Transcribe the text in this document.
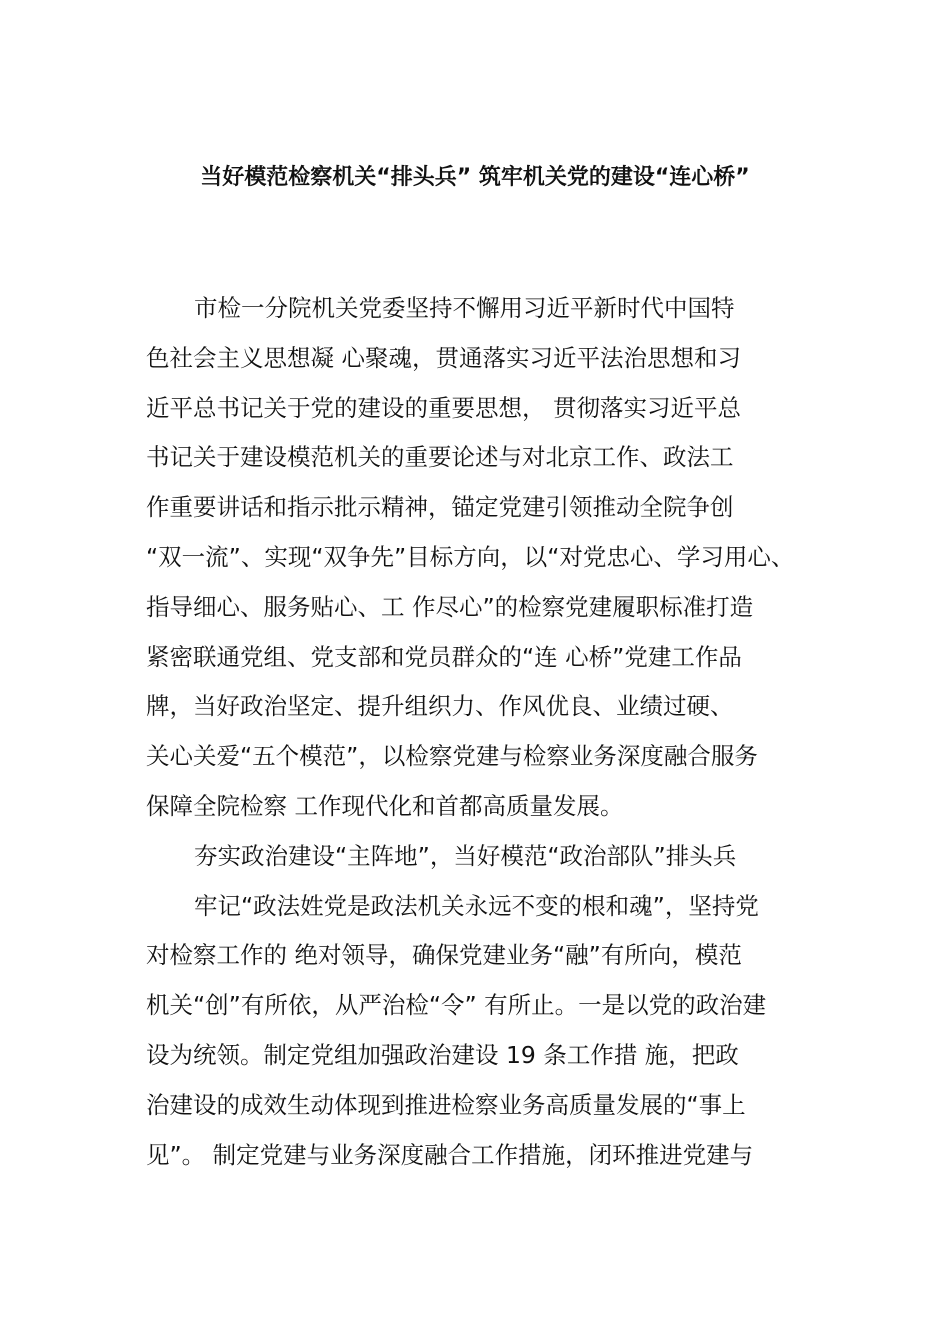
当好模范检察机关“排头兵” 筑牢机关党的建设“连心桥”
市检一分院机关党委坚持不懈用习近平新时代中国特
色社会主义思想凝 心聚魂，贯通落实习近平法治思想和习
近平总书记关于党的建设的重要思想， 贯彻落实习近平总
书记关于建设模范机关的重要论述与对北京工作、政法工
作重要讲话和指示批示精神，锚定党建引领推动全院争创
“双一流”、实现“双争先”目标方向，以“对党忠心、学习用心、
指导细心、服务贴心、工 作尽心”的检察党建履职标准打造
紧密联通党组、党支部和党员群众的“连 心桥”党建工作品
牌，当好政治坚定、提升组织力、作风优良、业绩过硬、
关心关爱“五个模范”，以检察党建与检察业务深度融合服务
保障全院检察 工作现代化和首都高质量发展。
夯实政治建设“主阵地”，当好模范“政治部队”排头兵
牢记“政法姓党是政法机关永远不变的根和魂”，坚持党
对检察工作的 绝对领导，确保党建业务“融”有所向，模范
机关“创”有所依，从严治检“令” 有所止。一是以党的政治建
设为统领。制定党组加强政治建设 19 条工作措 施，把政
治建设的成效生动体现到推进检察业务高质量发展的“事上
见”。 制定党建与业务深度融合工作措施，闭环推进党建与
